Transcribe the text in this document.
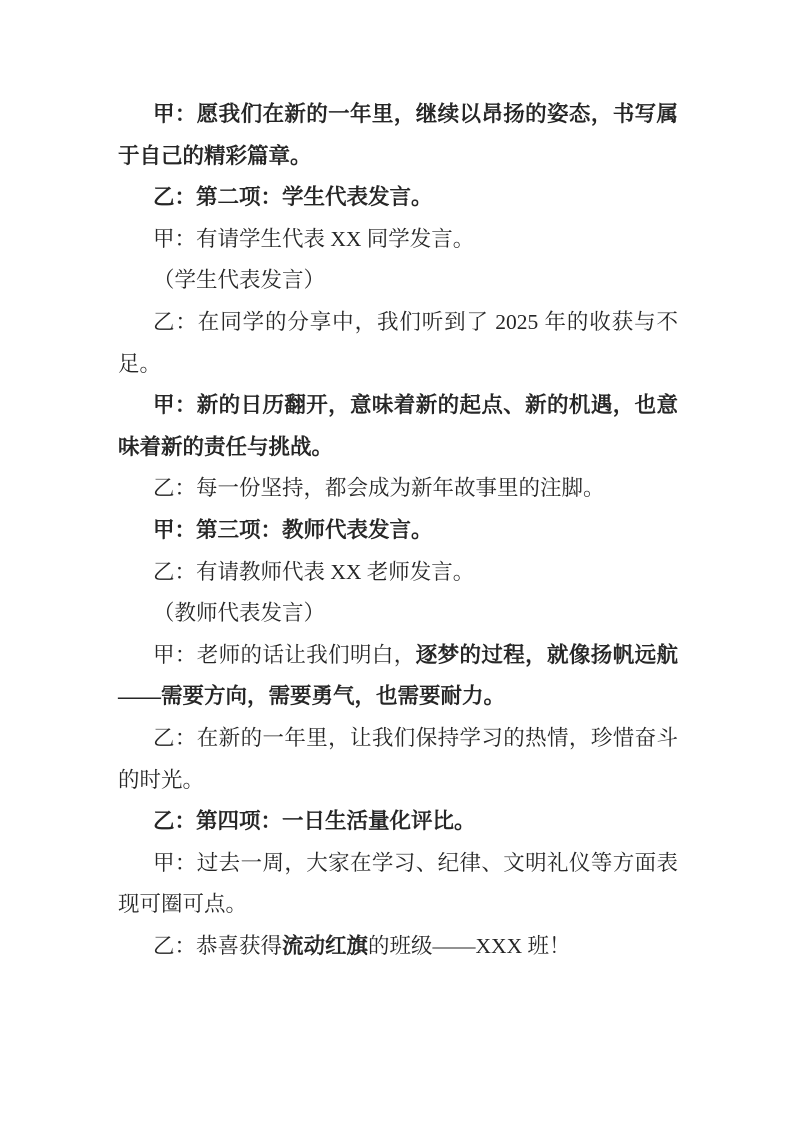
甲：愿我们在新的一年里，继续以昂扬的姿态，书写属于自己的精彩篇章。

乙：第二项：学生代表发言。

甲：有请学生代表 XX 同学发言。

（学生代表发言）

乙：在同学的分享中，我们听到了 2025 年的收获与不足。

甲：新的日历翻开，意味着新的起点、新的机遇，也意味着新的责任与挑战。

乙：每一份坚持，都会成为新年故事里的注脚。

甲：第三项：教师代表发言。

乙：有请教师代表 XX 老师发言。

（教师代表发言）

甲：老师的话让我们明白，逐梦的过程，就像扬帆远航——需要方向，需要勇气，也需要耐力。

乙：在新的一年里，让我们保持学习的热情，珍惜奋斗的时光。

乙：第四项：一日生活量化评比。

甲：过去一周，大家在学习、纪律、文明礼仪等方面表现可圈可点。

乙：恭喜获得流动红旗的班级——XXX 班！
